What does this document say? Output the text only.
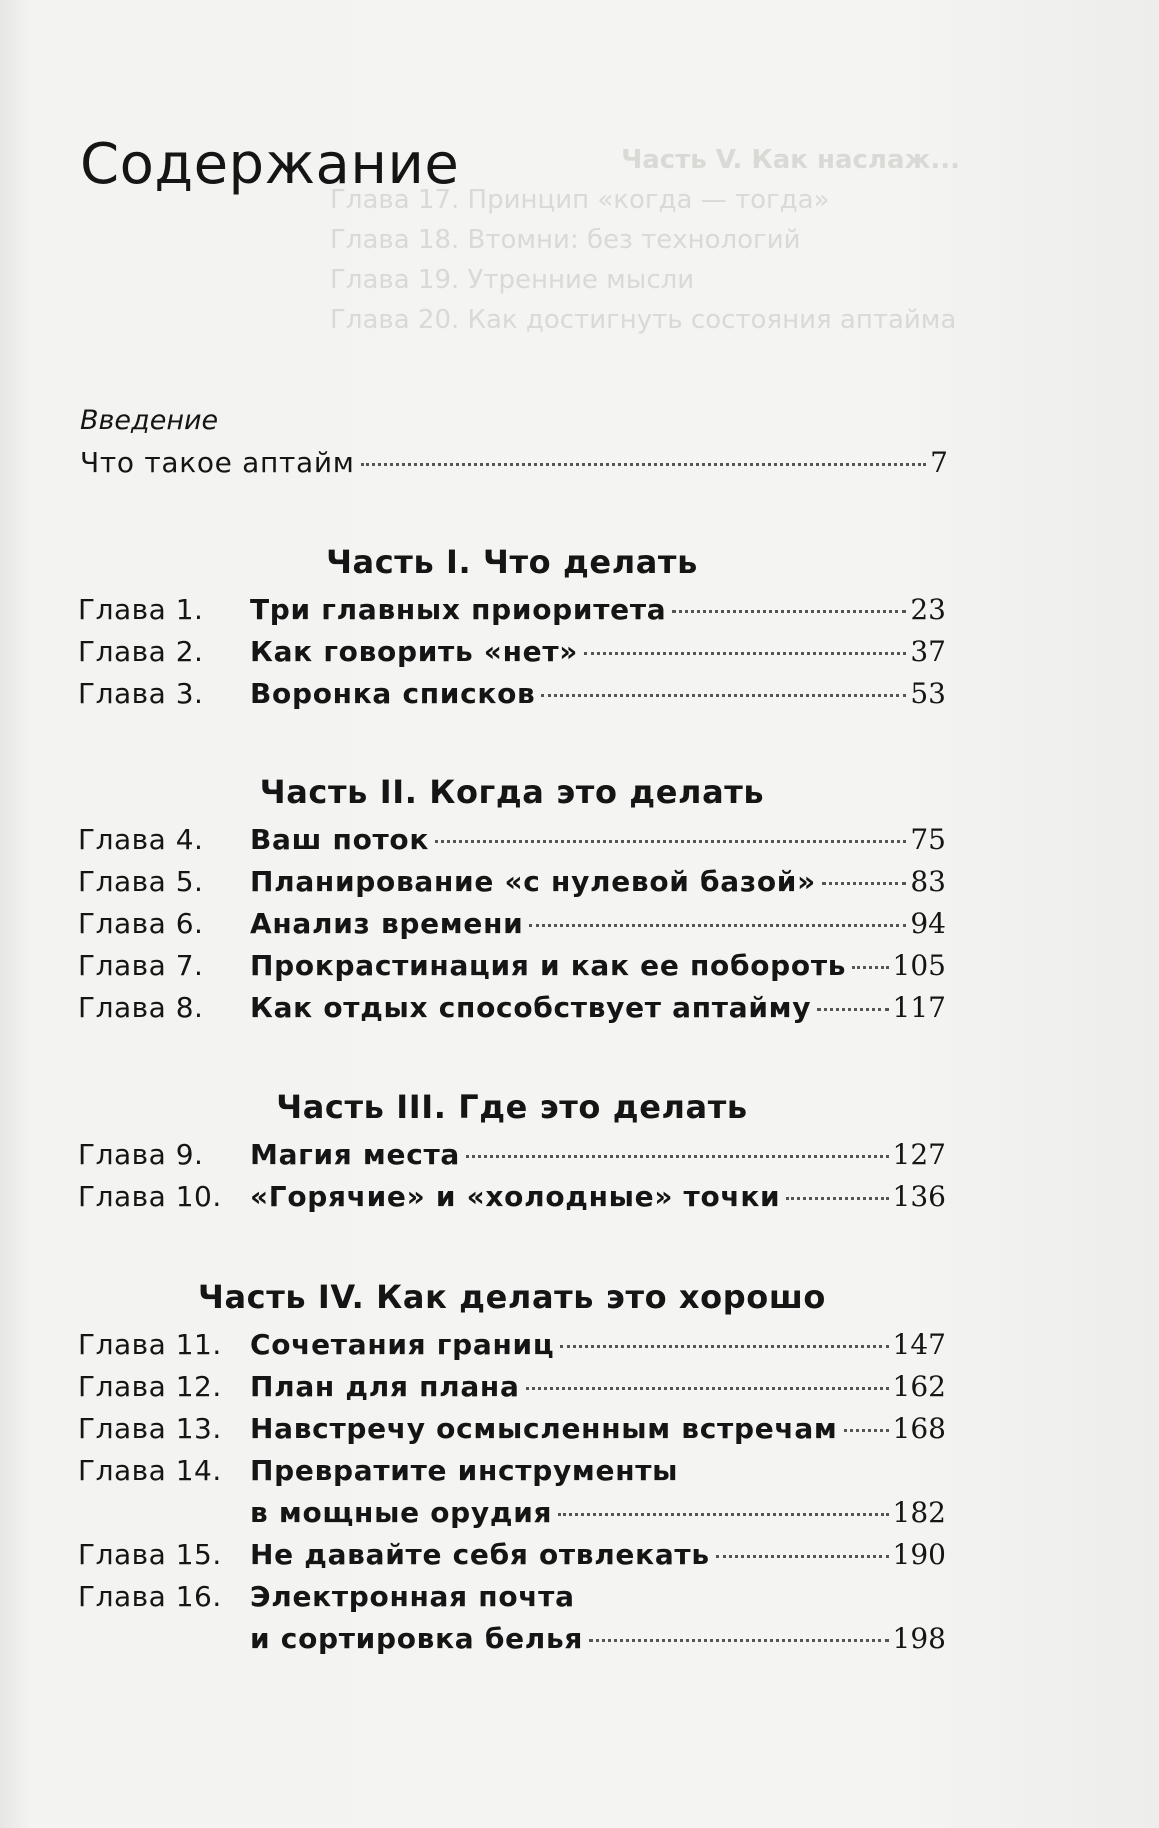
Часть V. Как наслаж...
Глава 17. Принцип «когда — тогда»
Глава 18. Втомни: без технологий
Глава 19. Утренние мысли
Глава 20. Как достигнуть состояния аптайма
Содержание
Введение
Что такое аптайм	7
Часть I. Что делать
Глава 1.	Три главных приоритета	23
Глава 2.	Как говорить «нет»	37
Глава 3.	Воронка списков	53
Часть II. Когда это делать
Глава 4.	Ваш поток	75
Глава 5.	Планирование «с нулевой базой»	83
Глава 6.	Анализ времени	94
Глава 7.	Прокрастинация и как ее побороть 105
Глава 8.	Как отдых способствует аптайму	117
Часть III. Где это делать
Глава 9.	Магия места	127
Глава 10.	«Горячие» и «холодные» точки	136
Часть IV. Как делать это хорошо
Глава 11.	Сочетания границ	147
Глава 12.	План для плана	162
Глава 13.	Навстречу осмысленным встречам 168
Глава 14.	Превратите инструменты
в мощные орудия	182
Глава 15.	Не давайте себя отвлекать	190
Глава 16.	Электронная почта
и сортировка белья	198
